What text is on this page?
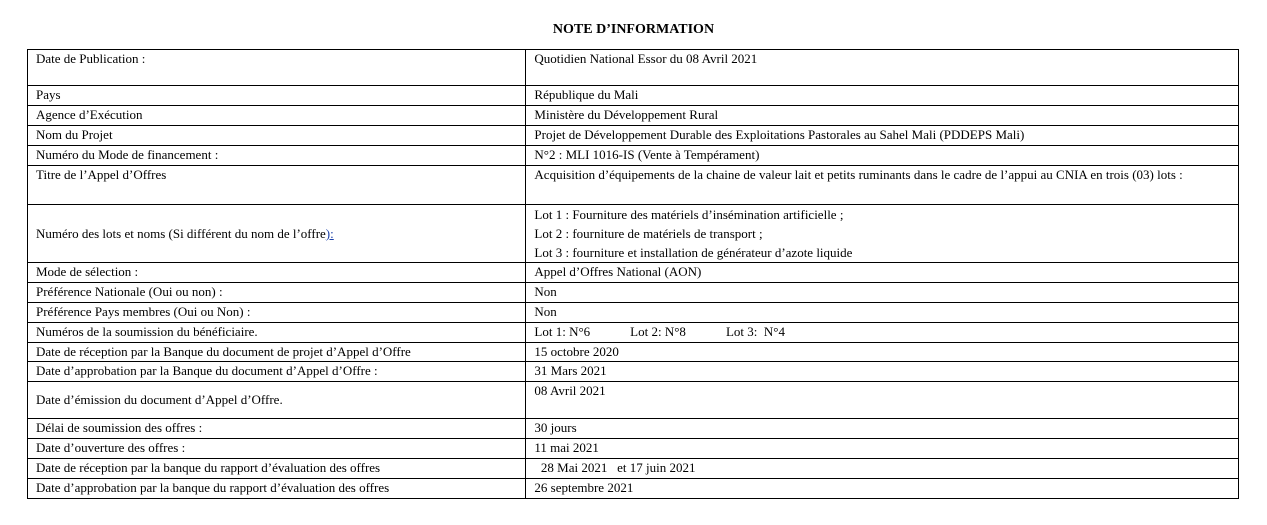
NOTE D’INFORMATION
Date de Publication :	Quotidien National Essor du 08 Avril 2021
Pays	République du Mali
Agence d’Exécution	Ministère du Développement Rural
Nom du Projet	Projet de Développement Durable des Exploitations Pastorales au Sahel Mali (PDDEPS Mali)
Numéro du Mode de financement :	N°2 : MLI 1016-IS (Vente à Tempérament)
Titre de l’Appel d’Offres	Acquisition d’équipements de la chaine de valeur lait et petits ruminants dans le cadre de l’appui au CNIA en trois (03) lots :
Numéro des lots et noms (Si différent du nom de l’offre):	Lot 1 : Fourniture des matériels d’insémination artificielle ;
Lot 2 : fourniture de matériels de transport ;
Lot 3 : fourniture et installation de générateur d’azote liquide

Mode de sélection :	Appel d’Offres National (AON)
Préférence Nationale (Oui ou non) :	Non
Préférence Pays membres (Oui ou Non) :	Non
Numéros de la soumission du bénéficiaire.	Lot 1: N°6 Lot 2: N°8 Lot 3:  N°4
Date de réception par la Banque du document de projet d’Appel d’Offre	15 octobre 2020
Date d’approbation par la Banque du document d’Appel d’Offre :	31 Mars 2021
Date d’émission du document d’Appel d’Offre.	08 Avril 2021
Délai de soumission des offres :	30 jours
Date d’ouverture des offres :	11 mai 2021
Date de réception par la banque du rapport d’évaluation des offres	28 Mai 2021   et 17 juin 2021
Date d’approbation par la banque du rapport d’évaluation des offres	26 septembre 2021
